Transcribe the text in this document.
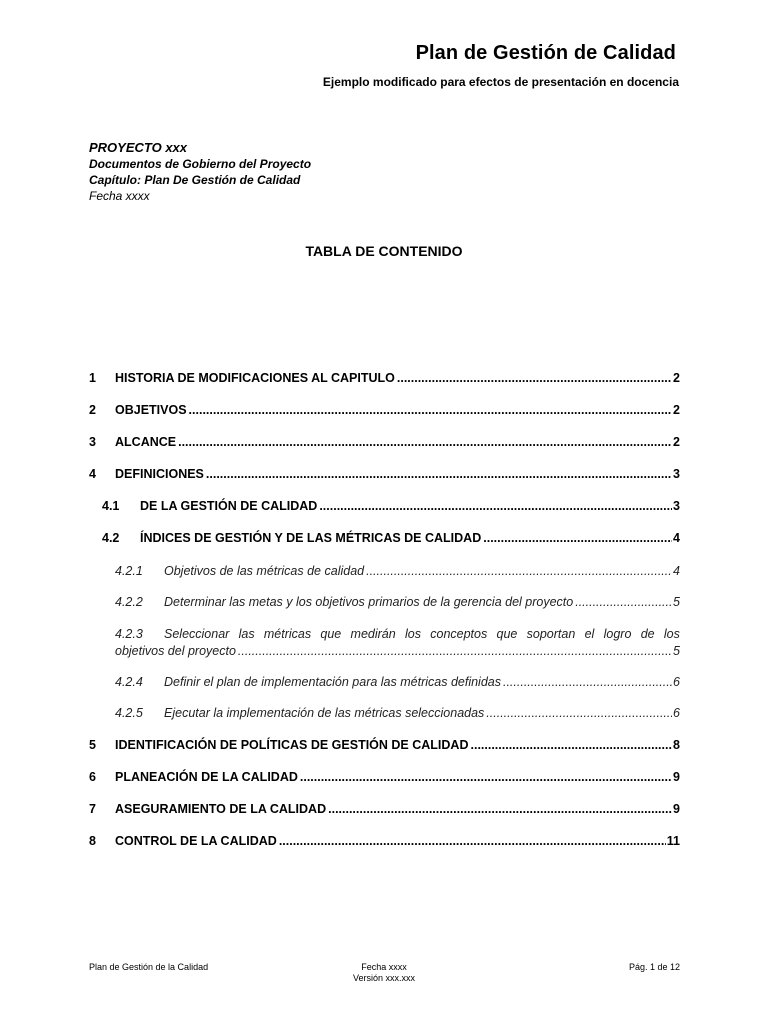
Plan de Gestión de Calidad
Ejemplo modificado para efectos de presentación en docencia
PROYECTO xxx
Documentos de Gobierno del Proyecto
Capítulo: Plan De Gestión de Calidad
Fecha xxxx
TABLA DE CONTENIDO
1	HISTORIA DE MODIFICACIONES AL CAPITULO .....	2
2	OBJETIVOS .....	2
3	ALCANCE .....	2
4	DEFINICIONES .....	3
4.1	DE LA GESTIÓN DE CALIDAD .....	3
4.2	ÍNDICES DE GESTIÓN Y DE LAS MÉTRICAS DE CALIDAD .....	4
4.2.1	Objetivos de las métricas de calidad .....	4
4.2.2	Determinar las metas y los objetivos primarios de la gerencia del proyecto .....	5
4.2.3	Seleccionar las métricas que medirán los conceptos que soportan el logro de los
objetivos del proyecto .....	5
4.2.4	Definir el plan de implementación para las métricas definidas .....	6
4.2.5	Ejecutar la implementación de las métricas seleccionadas .....	6
5	IDENTIFICACIÓN DE POLÍTICAS DE GESTIÓN DE CALIDAD .....	8
6	PLANEACIÓN DE LA CALIDAD .....	9
7	ASEGURAMIENTO DE LA CALIDAD .....	9
8	CONTROL DE LA CALIDAD .....	11
Plan de Gestión de la Calidad	Fecha xxxx
Versión xxx.xxx
Pág. 1 de 12
